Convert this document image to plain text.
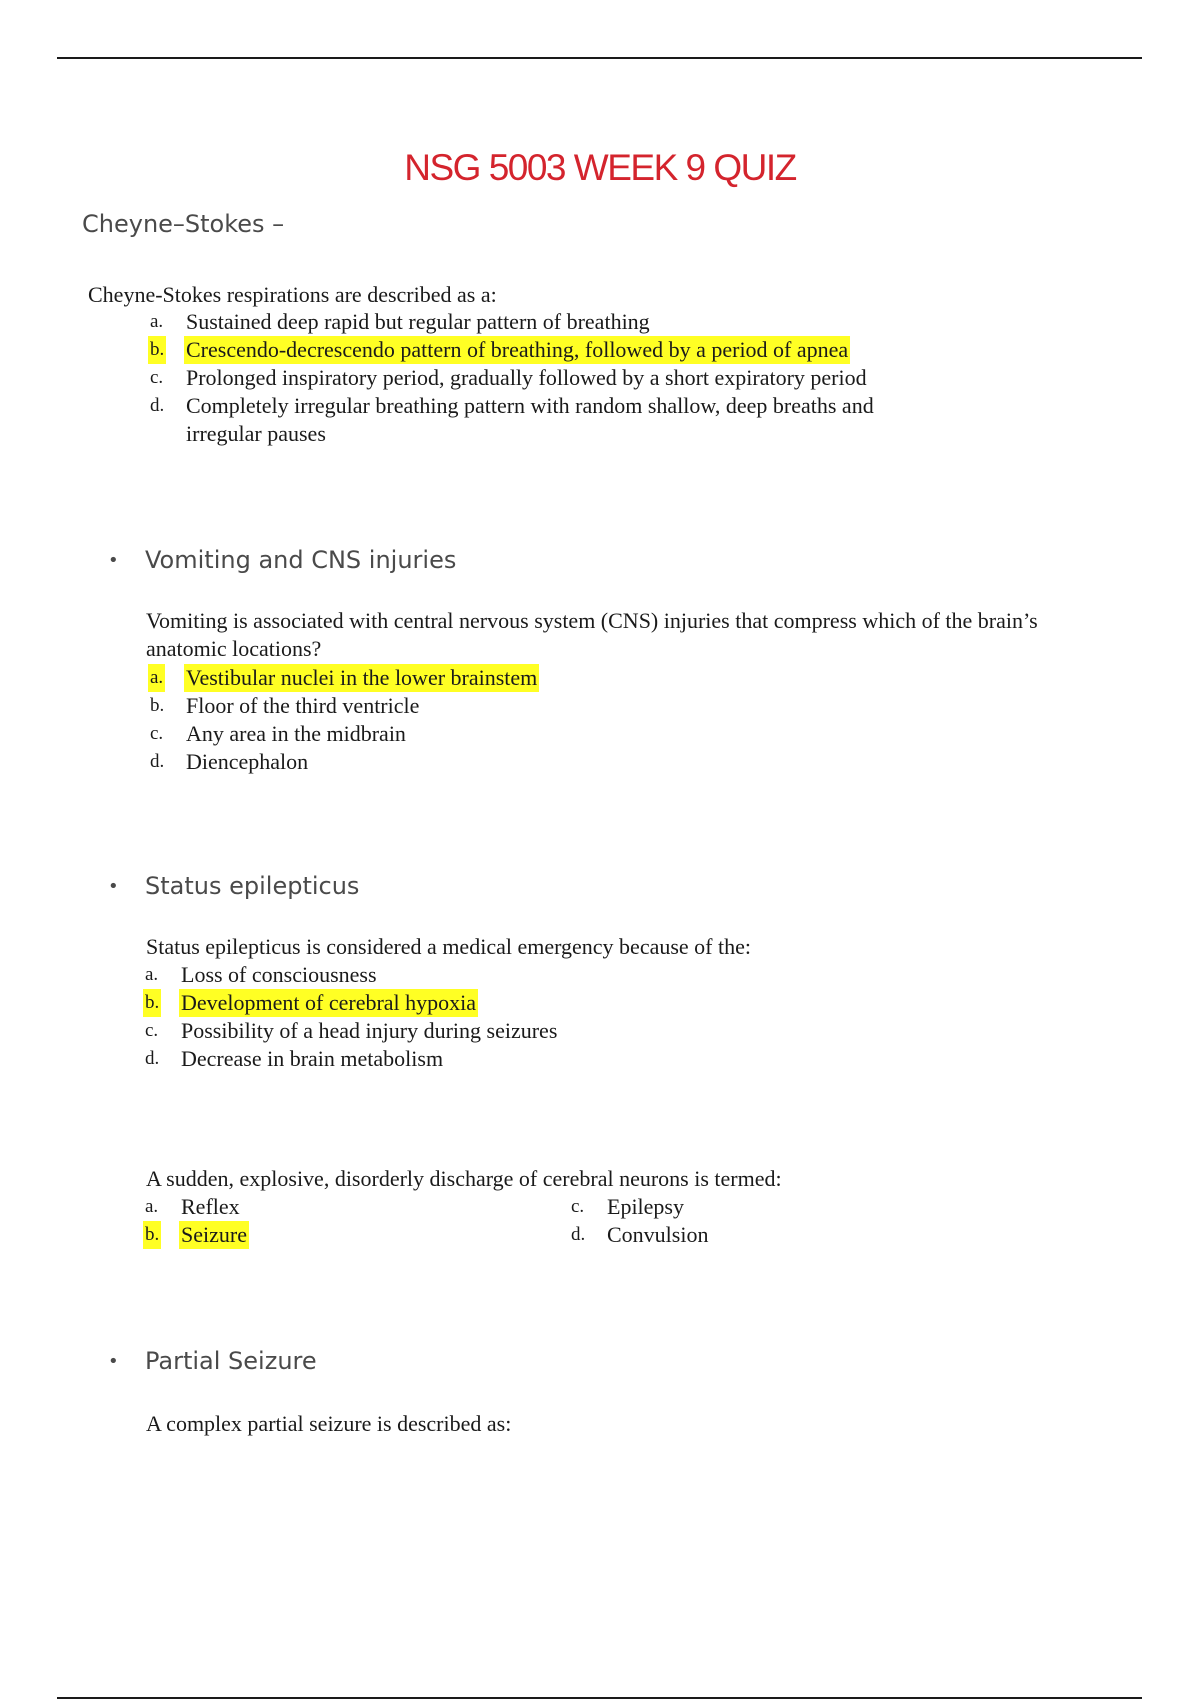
NSG 5003 WEEK 9 QUIZ
Cheyne–Stokes –
Cheyne-Stokes respirations are described as a:
a. Sustained deep rapid but regular pattern of breathing
b. Crescendo-decrescendo pattern of breathing, followed by a period of apnea
c. Prolonged inspiratory period, gradually followed by a short expiratory period
d. Completely irregular breathing pattern with random shallow, deep breaths and irregular pauses
• Vomiting and CNS injuries
Vomiting is associated with central nervous system (CNS) injuries that compress which of the brain’s anatomic locations?
a. Vestibular nuclei in the lower brainstem
b. Floor of the third ventricle
c. Any area in the midbrain
d. Diencephalon
• Status epilepticus
Status epilepticus is considered a medical emergency because of the:
a. Loss of consciousness
b. Development of cerebral hypoxia
c. Possibility of a head injury during seizures
d. Decrease in brain metabolism
A sudden, explosive, disorderly discharge of cerebral neurons is termed:
a. Reflex
b. Seizure
c. Epilepsy
d. Convulsion
• Partial Seizure
A complex partial seizure is described as:
